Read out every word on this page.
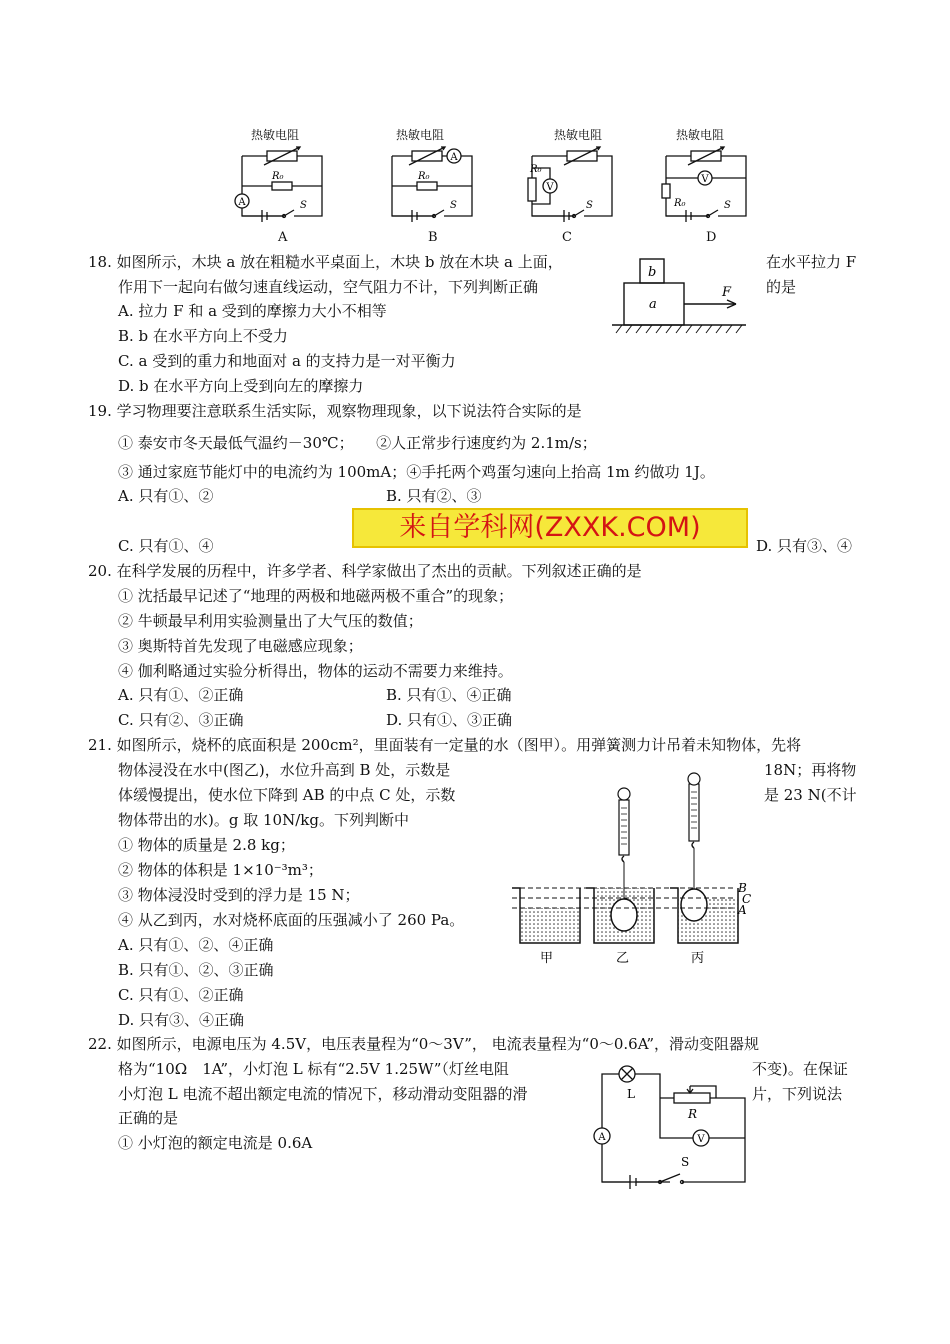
热敏电阻
A
R₀
S
A
热敏电阻
A
R₀
S
B
热敏电阻
V
R₀
S
C
热敏电阻
V
R₀	S
D
18. 如图所示，木块 a 放在粗糙水平桌面上，木块 b 放在木块 a 上面，	在水平拉力 F
作用下一起向右做匀速直线运动，空气阻力不计，下列判断正确	的是
A. 拉力 F 和 a 受到的摩擦力大小不相等
B. b 在水平方向上不受力
C. a 受到的重力和地面对 a 的支持力是一对平衡力
D. b 在水平方向上受到向左的摩擦力
b
a
F
19. 学习物理要注意联系生活实际，观察物理现象，以下说法符合实际的是
① 泰安市冬天最低气温约－30℃；　　②人正常步行速度约为 2.1m/s；
③ 通过家庭节能灯中的电流约为 100mA；④手托两个鸡蛋匀速向上抬高 1m 约做功 1J。
A. 只有①、②	B. 只有②、③
来自学科网(ZXXK.COM)
C. 只有①、④	D. 只有③、④
20. 在科学发展的历程中，许多学者、科学家做出了杰出的贡献。下列叙述正确的是
① 沈括最早记述了“地理的两极和地磁两极不重合”的现象；
② 牛顿最早利用实验测量出了大气压的数值；
③ 奥斯特首先发现了电磁感应现象；
④ 伽利略通过实验分析得出，物体的运动不需要力来维持。
A. 只有①、②正确	B. 只有①、④正确
C. 只有②、③正确	D. 只有①、③正确
21. 如图所示，烧杯的底面积是 200cm²，里面装有一定量的水（图甲）。用弹簧测力计吊着未知物体，先将
物体浸没在水中(图乙)，水位升高到 B 处，示数是	18N；再将物
体缓慢提出，使水位下降到 AB 的中点 C 处，示数	是 23 N(不计
物体带出的水)。g 取 10N/kg。下列判断中
① 物体的质量是 2.8 kg；
② 物体的体积是 1×10⁻³m³；
③ 物体浸没时受到的浮力是 15 N；
④ 从乙到丙，水对烧杯底面的压强减小了 260 Pa。
A. 只有①、②、④正确
B. 只有①、②、③正确
C. 只有①、②正确
D. 只有③、④正确
B
C
A
甲	乙	丙
22. 如图所示，电源电压为 4.5V，电压表量程为“0～3V”， 电流表量程为“0～0.6A”，滑动变阻器规
格为“10Ω　1A”，小灯泡 L 标有“2.5V 1.25W”（灯丝电阻	不变)。在保证
小灯泡 L 电流不超出额定电流的情况下，移动滑动变阻器的滑	片，下列说法
正确的是
① 小灯泡的额定电流是 0.6A
L
R
V
A
S
